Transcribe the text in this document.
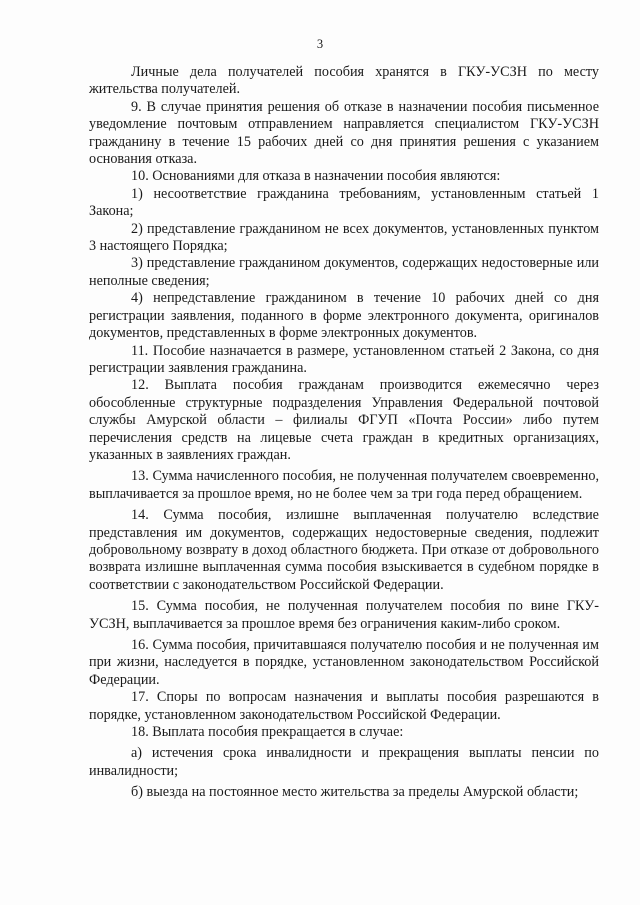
3

Личные дела получателей пособия хранятся в ГКУ-УСЗН по месту жительства получателей.

9. В случае принятия решения об отказе в назначении пособия письменное уведомление почтовым отправлением направляется специалистом ГКУ-УСЗН гражданину в течение 15 рабочих дней со дня принятия решения с указанием основания отказа.

10. Основаниями для отказа в назначении пособия являются:

1) несоответствие гражданина требованиям, установленным статьей 1 Закона;

2) представление гражданином не всех документов, установленных пунктом 3 настоящего Порядка;

3) представление гражданином документов, содержащих недостоверные или неполные сведения;

4) непредставление гражданином в течение 10 рабочих дней со дня регистрации заявления, поданного в форме электронного документа, оригиналов документов, представленных в форме электронных документов.

11. Пособие назначается в размере, установленном статьей 2 Закона, со дня регистрации заявления гражданина.

12. Выплата пособия гражданам производится ежемесячно через обособленные структурные подразделения Управления Федеральной почтовой службы Амурской области – филиалы ФГУП «Почта России» либо путем перечисления средств на лицевые счета граждан в кредитных организациях, указанных в заявлениях граждан.

13. Сумма начисленного пособия, не полученная получателем своевременно, выплачивается за прошлое время, но не более чем за три года перед обращением.

14. Сумма пособия, излишне выплаченная получателю вследствие представления им документов, содержащих недостоверные сведения, подлежит добровольному возврату в доход областного бюджета. При отказе от добровольного возврата излишне выплаченная сумма пособия взыскивается в судебном порядке в соответствии с законодательством Российской Федерации.

15. Сумма пособия, не полученная получателем пособия по вине ГКУ-УСЗН, выплачивается за прошлое время без ограничения каким-либо сроком.

16. Сумма пособия, причитавшаяся получателю пособия и не полученная им при жизни, наследуется в порядке, установленном законодательством Российской Федерации.

17. Споры по вопросам назначения и выплаты пособия разрешаются в порядке, установленном законодательством Российской Федерации.

18. Выплата пособия прекращается в случае:

а) истечения срока инвалидности и прекращения выплаты пенсии по инвалидности;

б) выезда на постоянное место жительства за пределы Амурской области;
